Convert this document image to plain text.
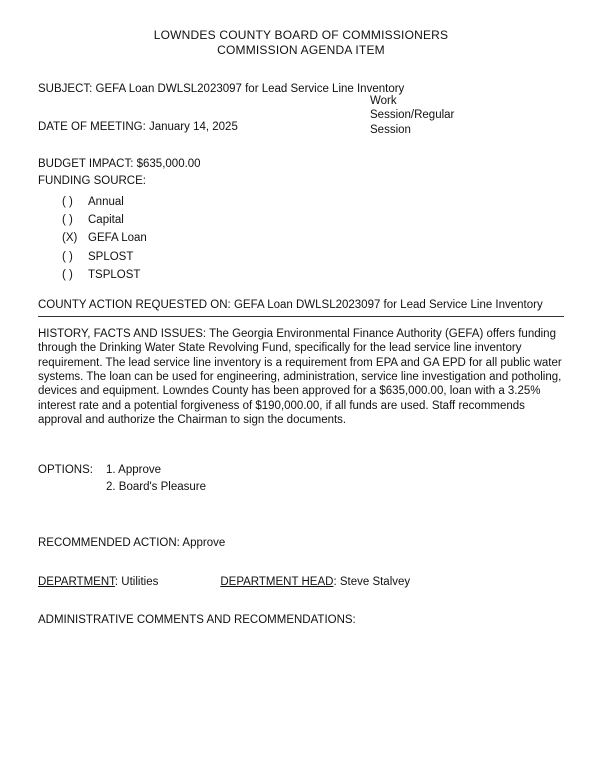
LOWNDES COUNTY BOARD OF COMMISSIONERS
COMMISSION AGENDA ITEM
SUBJECT: GEFA Loan DWLSL2023097 for Lead Service Line Inventory
Work Session/Regular Session
DATE OF MEETING: January 14, 2025
BUDGET IMPACT: $635,000.00
FUNDING SOURCE:
( ) Annual
( ) Capital
(X) GEFA Loan
( ) SPLOST
( ) TSPLOST
COUNTY ACTION REQUESTED ON: GEFA Loan DWLSL2023097 for Lead Service Line Inventory
HISTORY, FACTS AND ISSUES: The Georgia Environmental Finance Authority (GEFA) offers funding through the Drinking Water State Revolving Fund, specifically for the lead service line inventory requirement. The lead service line inventory is a requirement from EPA and GA EPD for all public water systems. The loan can be used for engineering, administration, service line investigation and potholing, devices and equipment. Lowndes County has been approved for a $635,000.00, loan with a 3.25% interest rate and a potential forgiveness of $190,000.00, if all funds are used. Staff recommends approval and authorize the Chairman to sign the documents.
OPTIONS:	1. Approve
2. Board's Pleasure
RECOMMENDED ACTION: Approve
DEPARTMENT: Utilities	DEPARTMENT HEAD: Steve Stalvey
ADMINISTRATIVE COMMENTS AND RECOMMENDATIONS:
